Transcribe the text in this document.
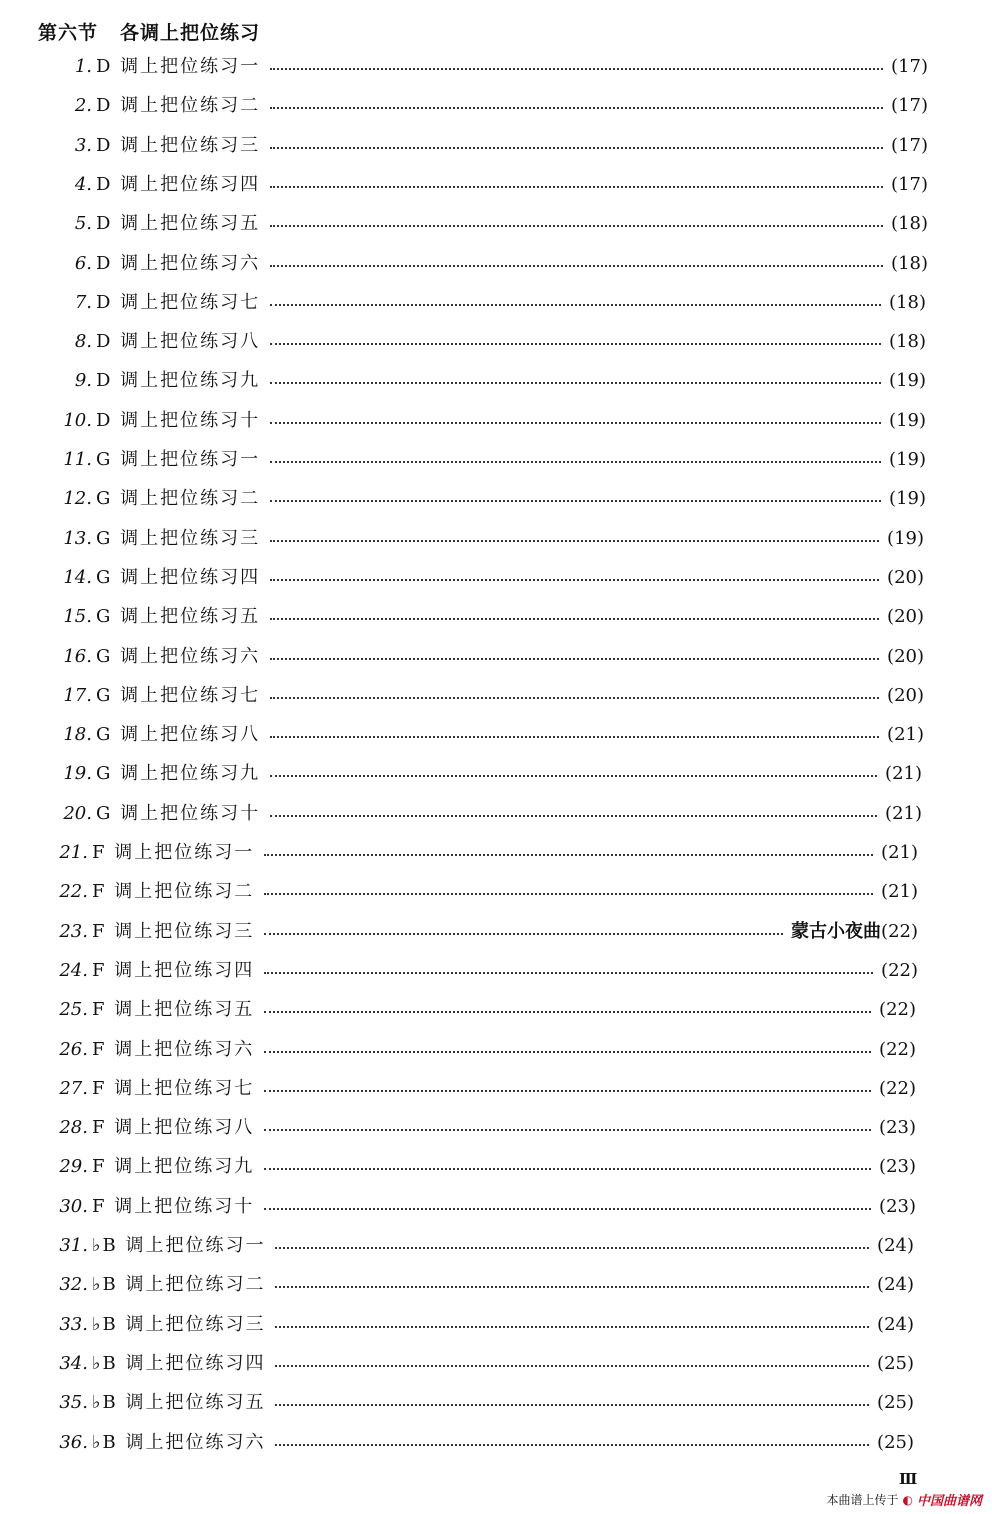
第六节 各调上把位练习
1. D 调上把位练习一	(17)
2. D 调上把位练习二	(17)
3. D 调上把位练习三	(17)
4. D 调上把位练习四	(17)
5. D 调上把位练习五	(18)
6. D 调上把位练习六	(18)
7. D 调上把位练习七	(18)
8. D 调上把位练习八	(18)
9. D 调上把位练习九	(19)
10. D 调上把位练习十	(19)
11. G 调上把位练习一	(19)
12. G 调上把位练习二	(19)
13. G 调上把位练习三	(19)
14. G 调上把位练习四	(20)
15. G 调上把位练习五	(20)
16. G 调上把位练习六	(20)
17. G 调上把位练习七	(20)
18. G 调上把位练习八	(21)
19. G 调上把位练习九	(21)
20. G 调上把位练习十	(21)
21. F 调上把位练习一	(21)
22. F 调上把位练习二	(21)
23. F 调上把位练习三	蒙古小夜曲 (22)
24. F 调上把位练习四	(22)
25. F 调上把位练习五	(22)
26. F 调上把位练习六	(22)
27. F 调上把位练习七	(22)
28. F 调上把位练习八	(23)
29. F 调上把位练习九	(23)
30. F 调上把位练习十	(23)
31. ♭B 调上把位练习一	(24)
32. ♭B 调上把位练习二	(24)
33. ♭B 调上把位练习三	(24)
34. ♭B 调上把位练习四	(25)
35. ♭B 调上把位练习五	(25)
36. ♭B 调上把位练习六	(25)
Ⅲ
本曲谱上传于 ◐ 中国曲谱网
